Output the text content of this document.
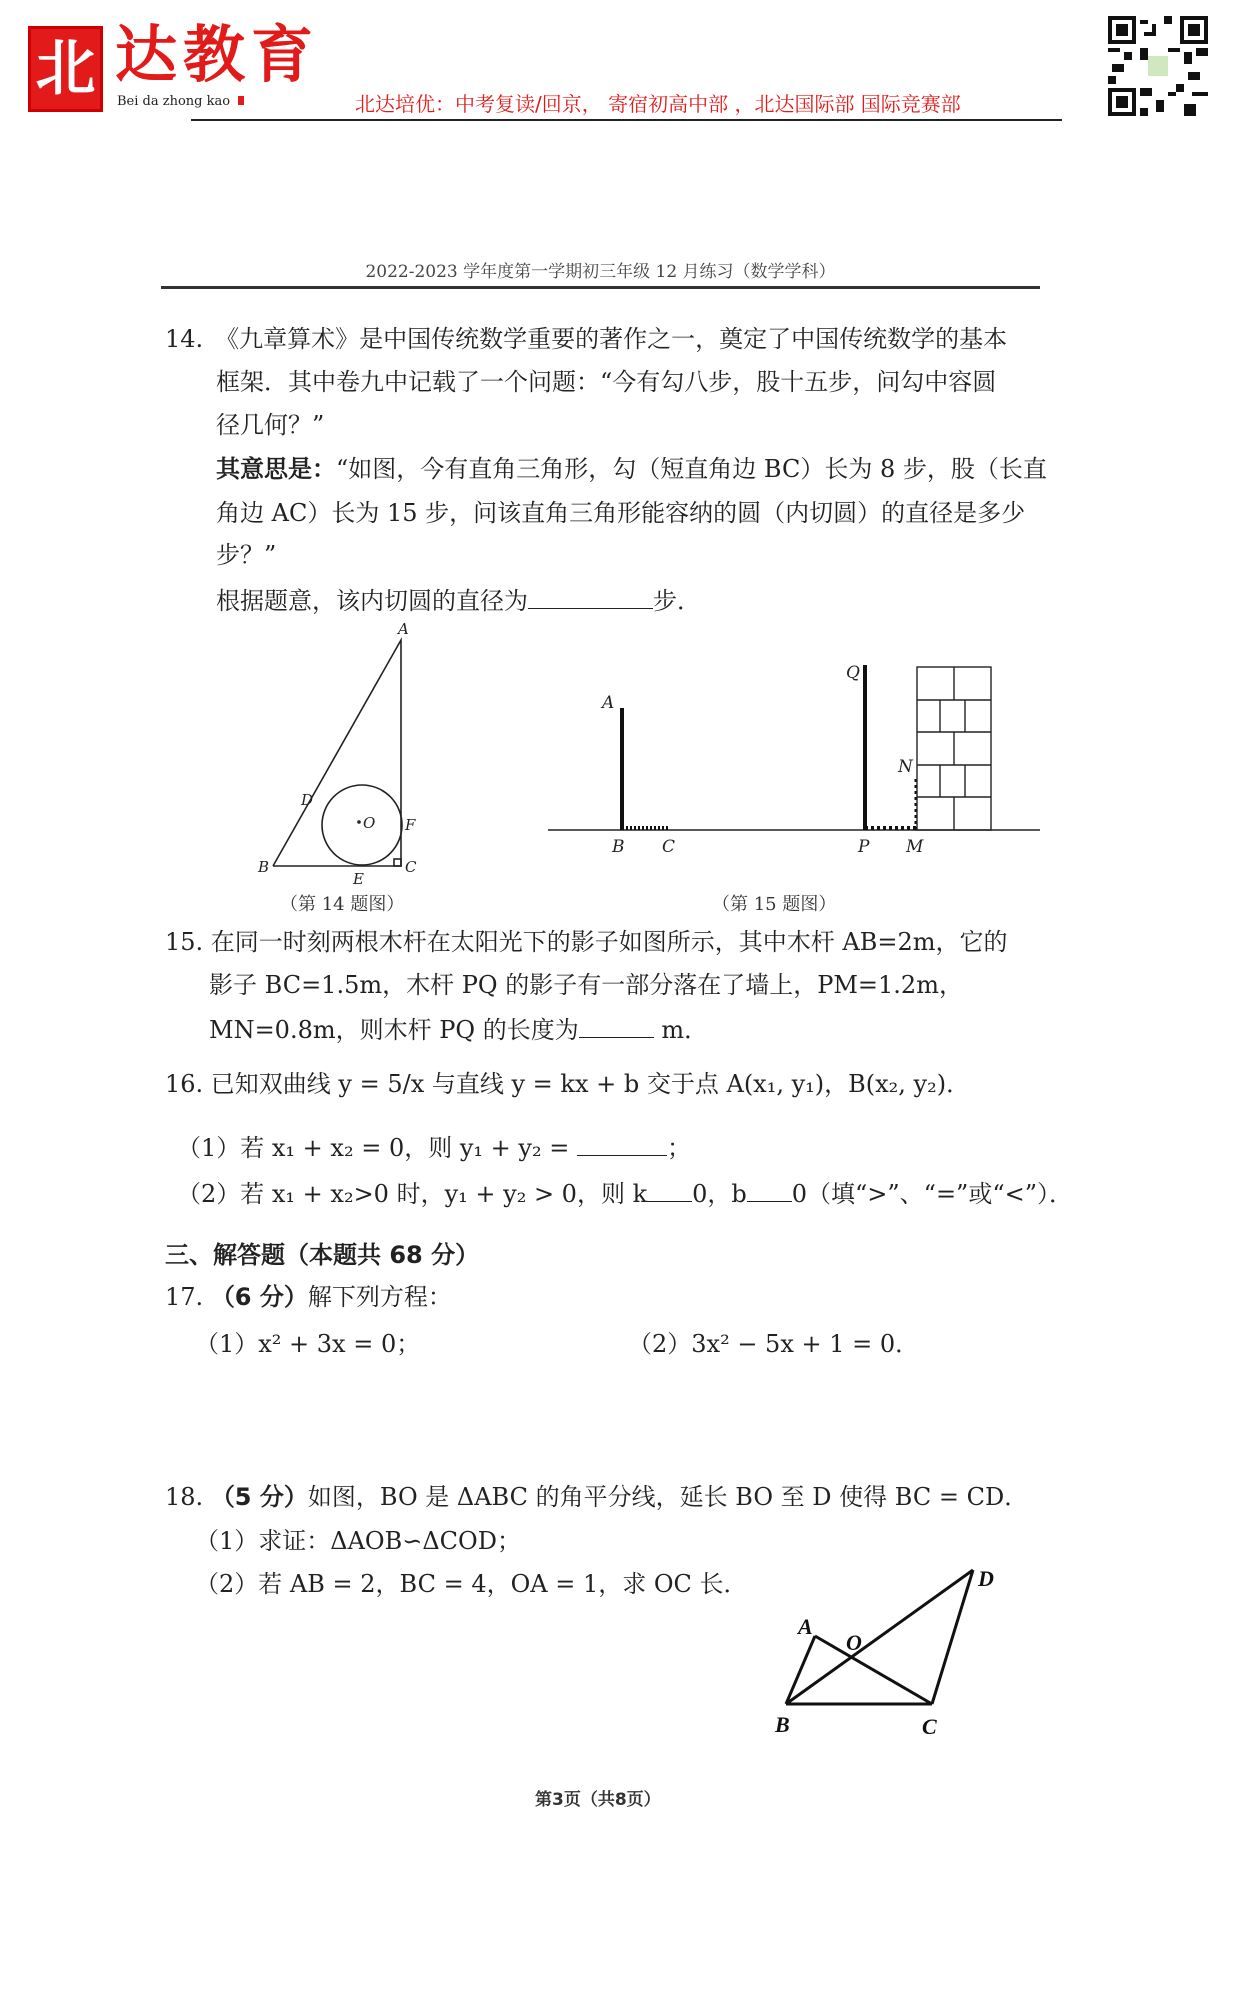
北 达教育
Bei da zhong kao	北达培优：中考复读/回京， 寄宿初高中部 ，北达国际部 国际竞赛部
2022-2023 学年度第一学期初三年级 12 月练习（数学学科）
14.　《九章算术》是中国传统数学重要的著作之一，奠定了中国传统数学的基本
框架．其中卷九中记载了一个问题：“今有勾八步，股十五步，问勾中容圆
径几何？”
其意思是：“如图，今有直角三角形，勾（短直角边 BC）长为 8 步，股（长直
角边 AC）长为 15 步，问该直角三角形能容纳的圆（内切圆）的直径是多少
步？”
根据题意，该内切圆的直径为	步．
A
B	C
D
E
F
O
（第 14 题图）
A
B C
Q
P M
N
（第 15 题图）
15. 在同一时刻两根木杆在太阳光下的影子如图所示，其中木杆 AB=2m，它的
影子 BC=1.5m，木杆 PQ 的影子有一部分落在了墙上，PM=1.2m，
MN=0.8m，则木杆 PQ 的长度为	m．
16. 已知双曲线 y = 5/x 与直线 y = kx + b 交于点 A(x₁, y₁)，B(x₂, y₂)．
（1）若 x₁ + x₂ = 0，则 y₁ + y₂ =	；
（2）若 x₁ + x₂>0 时，y₁ + y₂ > 0，则 k 0，b 0（填“>”、“=”或“<”）．
三、解答题（本题共 68 分）
17. （6 分）解下列方程：
（1）x² + 3x = 0；	（2）3x² − 5x + 1 = 0．
18. （5 分）如图，BO 是 ΔABC 的角平分线，延长 BO 至 D 使得 BC = CD．
（1）求证：ΔAOB∽ΔCOD；
（2）若 AB = 2，BC = 4，OA = 1，求 OC 长．
A
B	C
D
O
第3页（共8页）
